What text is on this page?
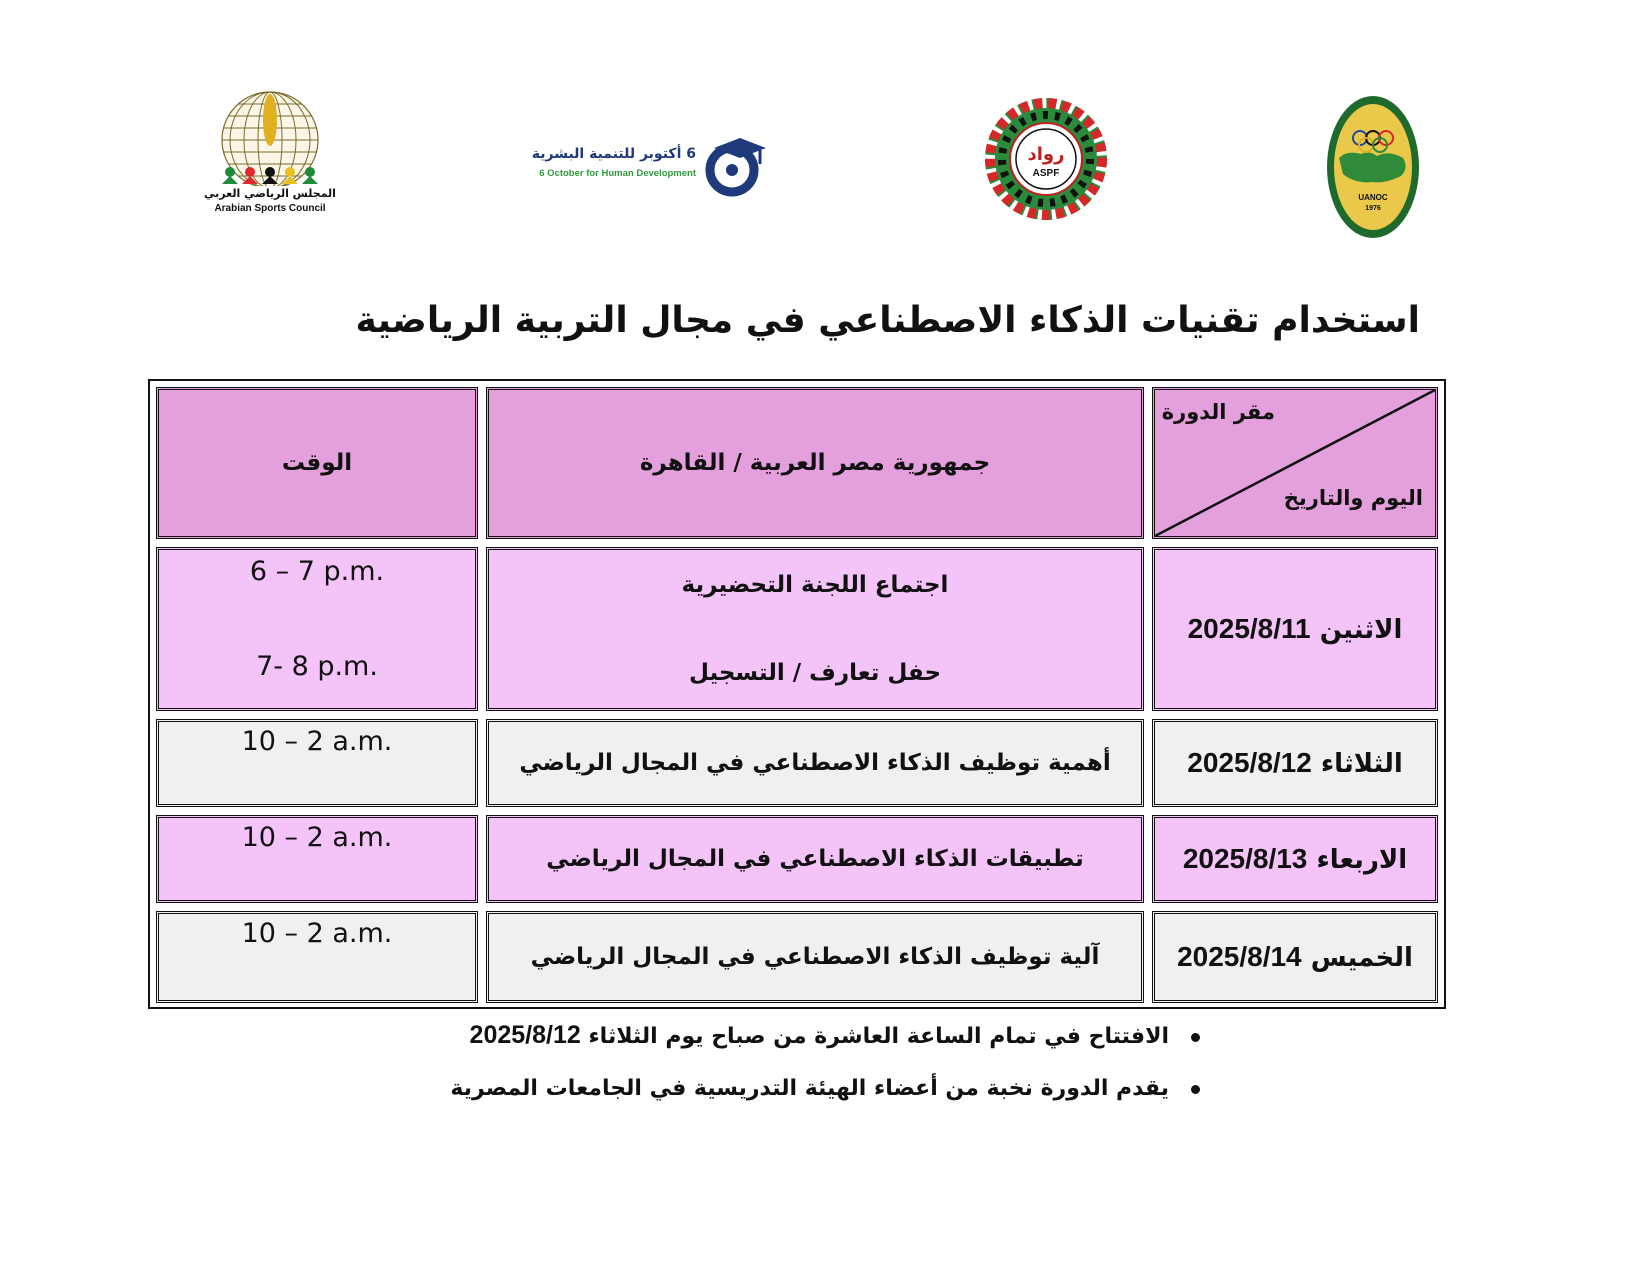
المجلس الرياضي العربي
Arabian Sports Council
6 أكتوبر للتنمية البشرية
6 October for Human Development
رواد
ASPF
UANOC
1976
استخدام تقنيات الذكاء الاصطناعي في مجال التربية الرياضية
مقر الدورة
اليوم والتاريخ
جمهورية مصر العربية / القاهرة
الوقت
الاثنين 2025/8/11
اجتماع اللجنة التحضيرية
حفل تعارف / التسجيل
6 – 7 p.m.
7- 8 p.m.
الثلاثاء 2025/8/12
أهمية توظيف الذكاء الاصطناعي في المجال الرياضي
10 – 2 a.m.
الاربعاء 2025/8/13
تطبيقات الذكاء الاصطناعي في المجال الرياضي
10 – 2 a.m.
الخميس 2025/8/14
آلية توظيف الذكاء الاصطناعي في المجال الرياضي
10 – 2 a.m.
الافتتاح في تمام الساعة العاشرة من صباح يوم الثلاثاء 2025/8/12
يقدم الدورة نخبة من أعضاء الهيئة التدريسية في الجامعات المصرية
